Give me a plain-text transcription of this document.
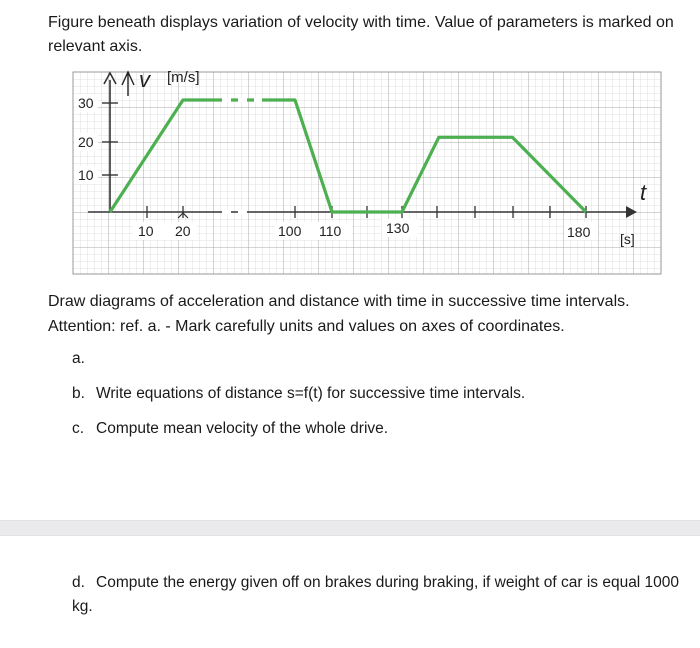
Figure beneath displays variation of velocity with time. Value of parameters is marked on relevant axis.

v [m/s]
t
[s]
30
20
10
10 20	100 110	130	180
Draw diagrams of acceleration and distance with time in successive time intervals.
Attention: ref. a. - Mark carefully units and values on axes of coordinates.
a.
b. Write equations of distance s=f(t) for successive time intervals.
c. Compute mean velocity of the whole drive.
d. Compute the energy given off on brakes during braking, if weight of car is equal 1000 kg.
